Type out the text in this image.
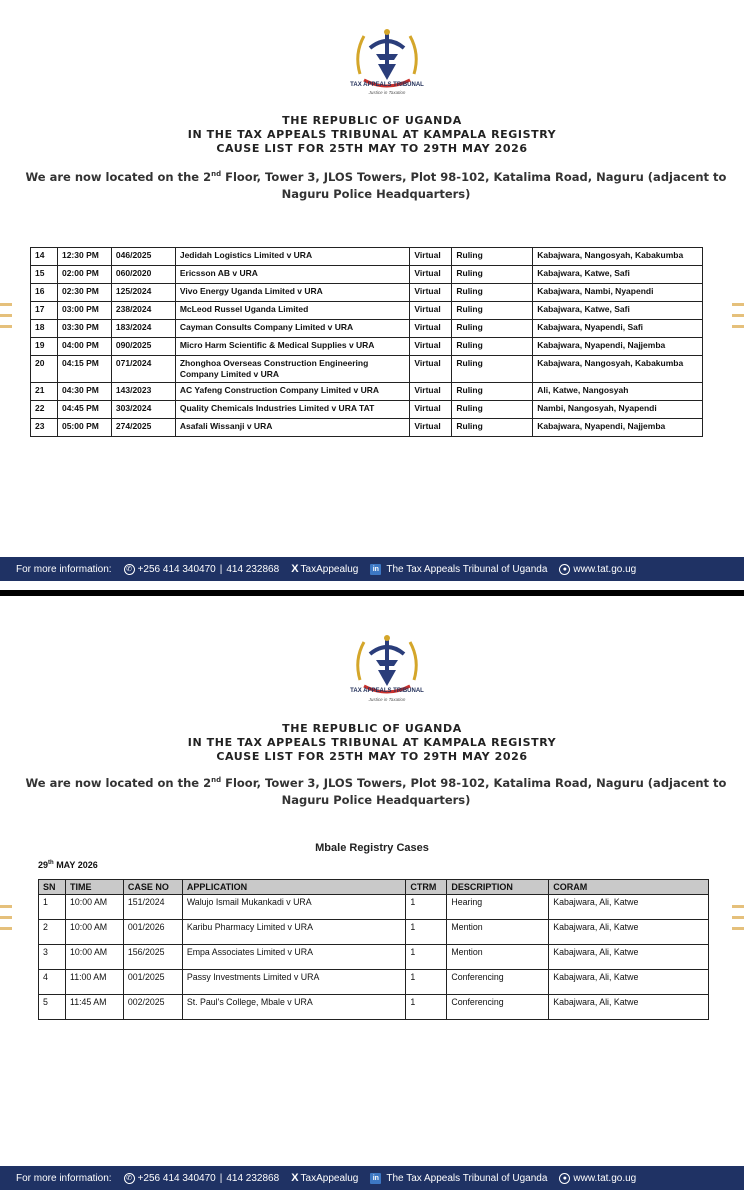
TAX APPEALS TRIBUNAL
Justice in Taxation
THE REPUBLIC OF UGANDA
IN THE TAX APPEALS TRIBUNAL AT KAMPALA REGISTRY
CAUSE LIST FOR 25TH MAY TO 29TH MAY 2026
We are now located on the 2nd Floor, Tower 3, JLOS Towers, Plot 98-102, Katalima Road, Naguru (adjacent to Naguru Police Headquarters)
14	12:30 PM	046/2025	Jedidah Logistics Limited v URA	Virtual	Ruling	Kabajwara, Nangosyah, Kabakumba
15	02:00 PM	060/2020	Ericsson AB v URA	Virtual	Ruling	Kabajwara, Katwe, Safi
16	02:30 PM	125/2024	Vivo Energy Uganda Limited v URA	Virtual	Ruling	Kabajwara, Nambi, Nyapendi
17	03:00 PM	238/2024	McLeod Russel Uganda Limited	Virtual	Ruling	Kabajwara, Katwe, Safi
18	03:30 PM	183/2024	Cayman Consults Company Limited v URA	Virtual	Ruling	Kabajwara, Nyapendi, Safi
19	04:00 PM	090/2025	Micro Harm Scientific & Medical Supplies v URA	Virtual	Ruling	Kabajwara, Nyapendi, Najjemba
20	04:15 PM	071/2024	Zhonghoa Overseas Construction Engineering Company Limited v URA	Virtual	Ruling	Kabajwara, Nangosyah, Kabakumba
21	04:30 PM	143/2023	AC Yafeng Construction Company Limited v URA	Virtual	Ruling	Ali, Katwe, Nangosyah
22	04:45 PM	303/2024	Quality Chemicals Industries Limited v URA TAT	Virtual	Ruling	Nambi, Nangosyah, Nyapendi
23	05:00 PM	274/2025	Asafali Wissanji v URA	Virtual	Ruling	Kabajwara, Nyapendi, Najjemba
For more information:	✆ +256 414 340470 | 414 232868 X TaxAppealug	in The Tax Appeals Tribunal of Uganda	● www.tat.go.ug
TAX APPEALS TRIBUNAL
Justice in Taxation
THE REPUBLIC OF UGANDA
IN THE TAX APPEALS TRIBUNAL AT KAMPALA REGISTRY
CAUSE LIST FOR 25TH MAY TO 29TH MAY 2026
We are now located on the 2nd Floor, Tower 3, JLOS Towers, Plot 98-102, Katalima Road, Naguru (adjacent to Naguru Police Headquarters)
Mbale Registry Cases
29th MAY 2026
SN	TIME	CASE NO	APPLICATION	CTRM	DESCRIPTION	CORAM
1	10:00 AM	151/2024	Walujo Ismail Mukankadi v URA	1	Hearing	Kabajwara, Ali, Katwe
2	10:00 AM	001/2026	Karibu Pharmacy Limited v URA	1	Mention	Kabajwara, Ali, Katwe
3	10:00 AM	156/2025	Empa Associates Limited v URA	1	Mention	Kabajwara, Ali, Katwe
4	11:00 AM	001/2025	Passy Investments Limited v URA	1	Conferencing	Kabajwara, Ali, Katwe
5	11:45 AM	002/2025	St. Paul's College, Mbale v URA	1	Conferencing	Kabajwara, Ali, Katwe
For more information:	✆ +256 414 340470 | 414 232868 X TaxAppealug	in The Tax Appeals Tribunal of Uganda	● www.tat.go.ug
